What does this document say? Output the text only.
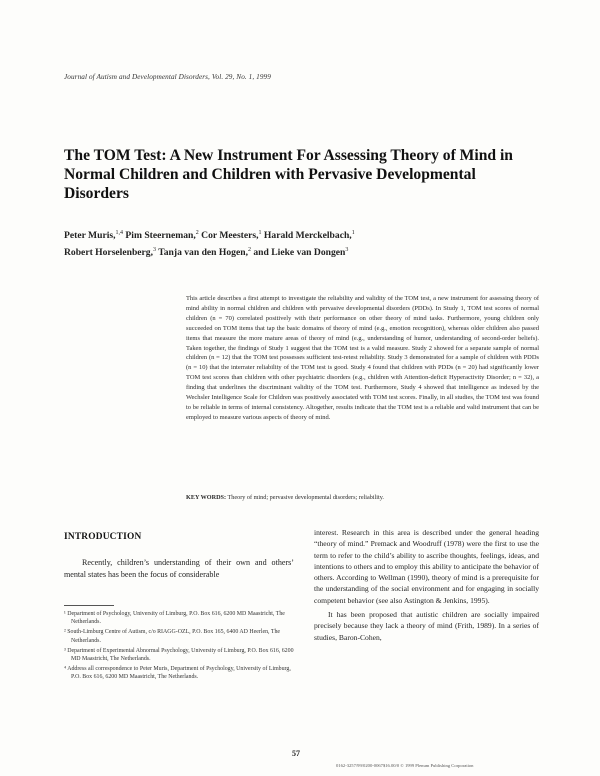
Journal of Autism and Developmental Disorders, Vol. 29, No. 1, 1999
The TOM Test: A New Instrument For Assessing Theory of Mind in Normal Children and Children with Pervasive Developmental Disorders
Peter Muris,$^{1,4}$ Pim Steerneman,$^2$ Cor Meesters,$^1$ Harald Merckelbach,$^1$
Robert Horselenberg,$^3$ Tanja van den Hogen,$^2$ and Lieke van Dongen$^3$

This article describes a first attempt to investigate the reliability and validity of the TOM test, a new instrument for assessing theory of mind ability in normal children and children with pervasive developmental disorders (PDDs). In Study 1, TOM test scores of normal children (n = 70) correlated positively with their performance on other theory of mind tasks. Furthermore, young children only succeeded on TOM items that tap the basic domains of theory of mind (e.g., emotion recognition), whereas older children also passed items that measure the more mature areas of theory of mind (e.g., understanding of humor, understanding of second-order beliefs). Taken together, the findings of Study 1 suggest that the TOM test is a valid measure. Study 2 showed for a separate sample of normal children (n = 12) that the TOM test possesses sufficient test-retest reliability. Study 3 demonstrated for a sample of children with PDDs (n = 10) that the interrater reliability of the TOM test is good. Study 4 found that children with PDDs (n = 20) had significantly lower TOM test scores than children with other psychiatric disorders (e.g., children with Attention-deficit Hyperactivity Disorder; n = 32), a finding that underlines the discriminant validity of the TOM test. Furthermore, Study 4 showed that intelligence as indexed by the Wechsler Intelligence Scale for Children was positively associated with TOM test scores. Finally, in all studies, the TOM test was found to be reliable in terms of internal consistency. Altogether, results indicate that the TOM test is a reliable and valid instrument that can be employed to measure various aspects of theory of mind.

KEY WORDS: Theory of mind; pervasive developmental disorders; reliability.
INTRODUCTION

Recently, children’s understanding of their own and others’ mental states has been the focus of considerable

¹ Department of Psychology, University of Limburg, P.O. Box 616, 6200 MD Maastricht, The Netherlands.

² South-Limburg Centre of Autism, c/o RIAGG-OZL, P.O. Box 165, 6400 AD Heerlen, The Netherlands.

³ Department of Experimental Abnormal Psychology, University of Limburg, P.O. Box 616, 6200 MD Maastricht, The Netherlands.

⁴ Address all correspondence to Peter Muris, Department of Psychology, University of Limburg, P.O. Box 616, 6200 MD Maastricht, The Netherlands.

interest. Research in this area is described under the general heading “theory of mind.” Premack and Woodruff (1978) were the first to use the term to refer to the child’s ability to ascribe thoughts, feelings, ideas, and intentions to others and to employ this ability to anticipate the behavior of others. According to Wellman (1990), theory of mind is a prerequisite for the understanding of the social environment and for engaging in socially competent behavior (see also Astington & Jenkins, 1995).

It has been proposed that autistic children are socially impaired precisely because they lack a theory of mind (Frith, 1989). In a series of studies, Baron-Cohen,

57
0162-3257/99/0200-0067$16.00/0 © 1999 Plenum Publishing Corporation
